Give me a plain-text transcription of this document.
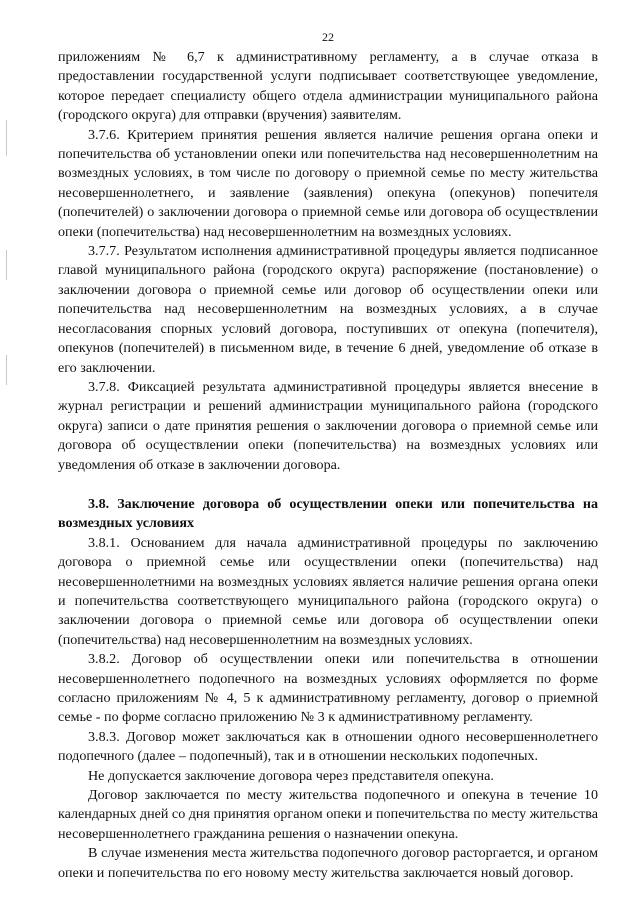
22

приложениям № 6,7 к административному регламенту, а в случае отказа в предоставлении государственной услуги подписывает соответствующее уведомление, которое передает специалисту общего отдела администрации муниципального района (городского округа) для отправки (вручения) заявителям.

3.7.6. Критерием принятия решения является наличие решения органа опеки и попечительства об установлении опеки или попечительства над несовершеннолетним на возмездных условиях, в том числе по договору о приемной семье по месту жительства несовершеннолетнего, и заявление (заявления) опекуна (опекунов) попечителя (попечителей) о заключении договора о приемной семье или договора об осуществлении опеки (попечительства) над несовершеннолетним на возмездных условиях.

3.7.7. Результатом исполнения административной процедуры является подписанное главой муниципального района (городского округа) распоряжение (постановление) о заключении договора о приемной семье или договор об осуществлении опеки или попечительства над несовершеннолетним на возмездных условиях, а в случае несогласования спорных условий договора, поступивших от опекуна (попечителя), опекунов (попечителей) в письменном виде, в течение 6 дней, уведомление об отказе в его заключении.

3.7.8. Фиксацией результата административной процедуры является внесение в журнал регистрации и решений администрации муниципального района (городского округа) записи о дате принятия решения о заключении договора о приемной семье или договора об осуществлении опеки (попечительства) на возмездных условиях или уведомления об отказе в заключении договора.

3.8. Заключение договора об осуществлении опеки или попечительства на возмездных условиях

3.8.1. Основанием для начала административной процедуры по заключению договора о приемной семье или осуществлении опеки (попечительства) над несовершеннолетними на возмездных условиях является наличие решения органа опеки и попечительства соответствующего муниципального района (городского округа) о заключении договора о приемной семье или договора об осуществлении опеки (попечительства) над несовершеннолетним на возмездных условиях.

3.8.2. Договор об осуществлении опеки или попечительства в отношении несовершеннолетнего подопечного на возмездных условиях оформляется по форме согласно приложениям № 4, 5 к административному регламенту, договор о приемной семье - по форме согласно приложению № 3 к административному регламенту.

3.8.3. Договор может заключаться как в отношении одного несовершеннолетнего подопечного (далее – подопечный), так и в отношении нескольких подопечных.

Не допускается заключение договора через представителя опекуна.

Договор заключается по месту жительства подопечного и опекуна в течение 10 календарных дней со дня принятия органом опеки и попечительства по месту жительства несовершеннолетнего гражданина решения о назначении опекуна.

В случае изменения места жительства подопечного договор расторгается, и органом опеки и попечительства по его новому месту жительства заключается новый договор.
